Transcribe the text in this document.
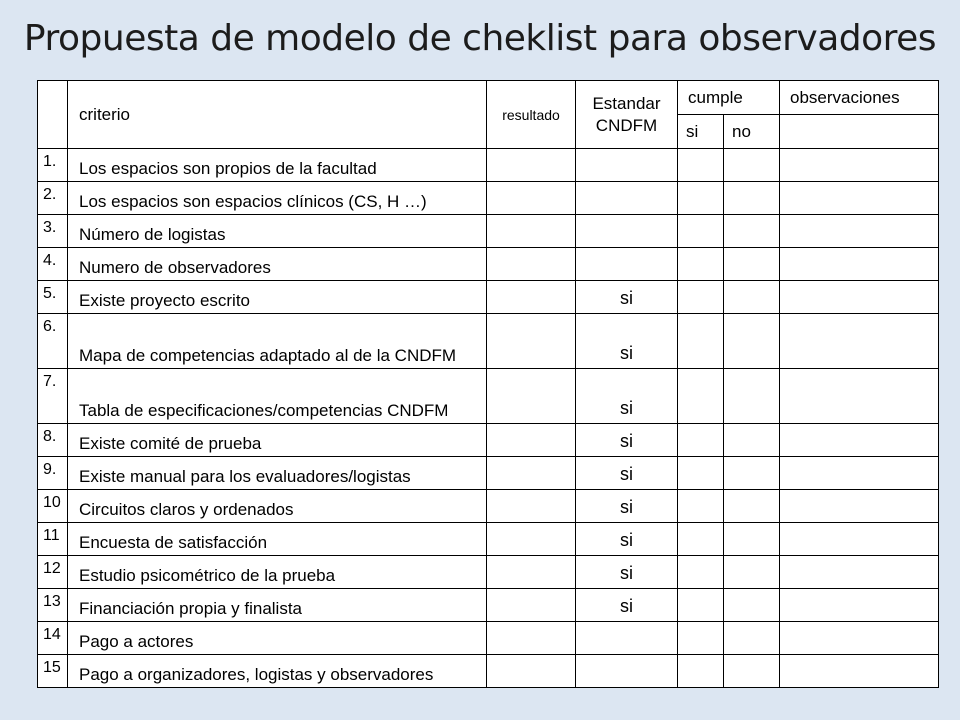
Propuesta de modelo de cheklist para observadores
	criterio	resultado	Estandar CNDFM	cumple		observaciones
				si	no	
1.	Los espacios son propios de la facultad					
2.	Los espacios son espacios clínicos (CS, H …)					
3.	Número de logistas					
4.	Numero de observadores					
5.	Existe proyecto escrito		si			
6.	Mapa de competencias adaptado al de la CNDFM		si			
7.	Tabla de especificaciones/competencias CNDFM		si			
8.	Existe comité de prueba		si			
9.	Existe manual para los evaluadores/logistas		si			
10	Circuitos claros y ordenados		si			
11	Encuesta de satisfacción		si			
12	Estudio psicométrico de la prueba		si			
13	Financiación propia y finalista		si			
14	Pago a actores					
15	Pago a organizadores, logistas y observadores					
